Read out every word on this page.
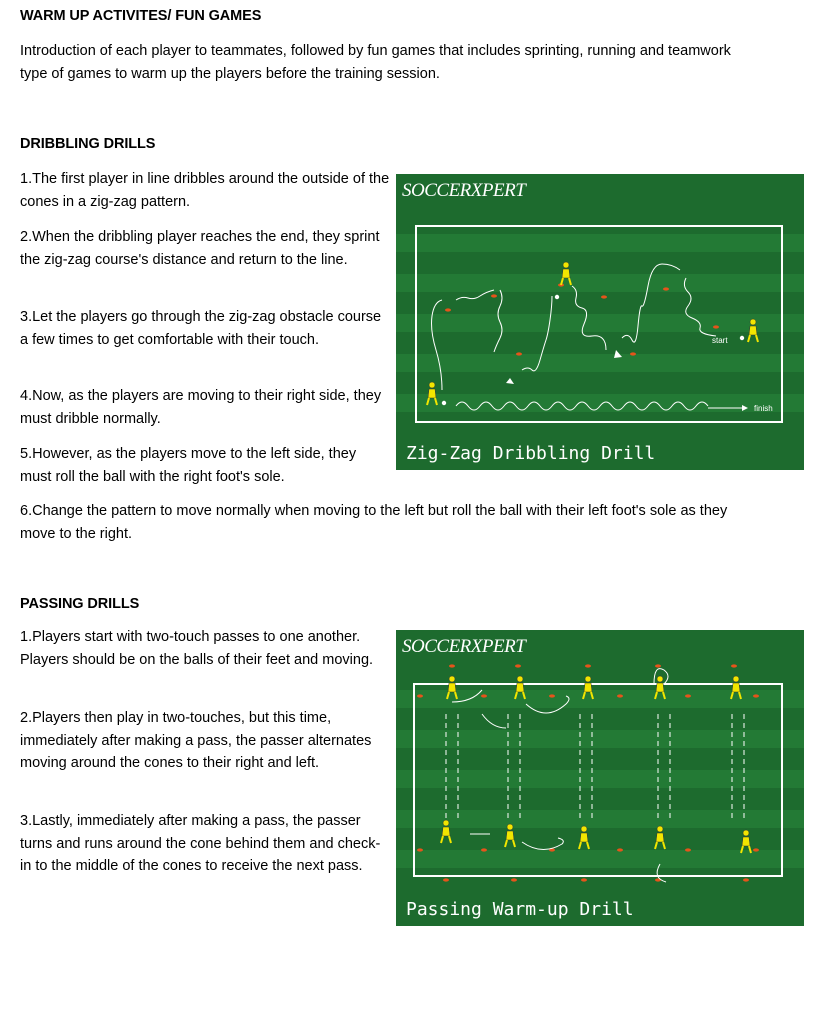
WARM UP ACTIVITES/ FUN GAMES
Introduction of each player to teammates, followed by fun games that includes sprinting, running and teamwork type of games to warm up the players before the training session.
DRIBBLING DRILLS
1.The first player in line dribbles around the outside of the cones in a zig-zag pattern.
2.When the dribbling player reaches the end, they sprint the zig-zag course's distance and return to the line.
3.Let the players go through the zig-zag obstacle course a few times to get comfortable with their touch.
4.Now, as the players are moving to their right side, they must dribble normally.
5.However, as the players move to the left side, they must roll the ball with the right foot's sole.
6.Change the pattern to move normally when moving to the left but roll the ball with their left foot's sole as they move to the right.
SOCCERXPERT
start
finish
Zig-Zag Dribbling Drill
PASSING DRILLS
1.Players start with two-touch passes to one another. Players should be on the balls of their feet and moving.
2.Players then play in two-touches, but this time, immediately after making a pass, the passer alternates moving around the cones to their right and left.
3.Lastly, immediately after making a pass, the passer turns and runs around the cone behind them and check-in to the middle of the cones to receive the next pass.
SOCCERXPERT
Passing Warm-up Drill
